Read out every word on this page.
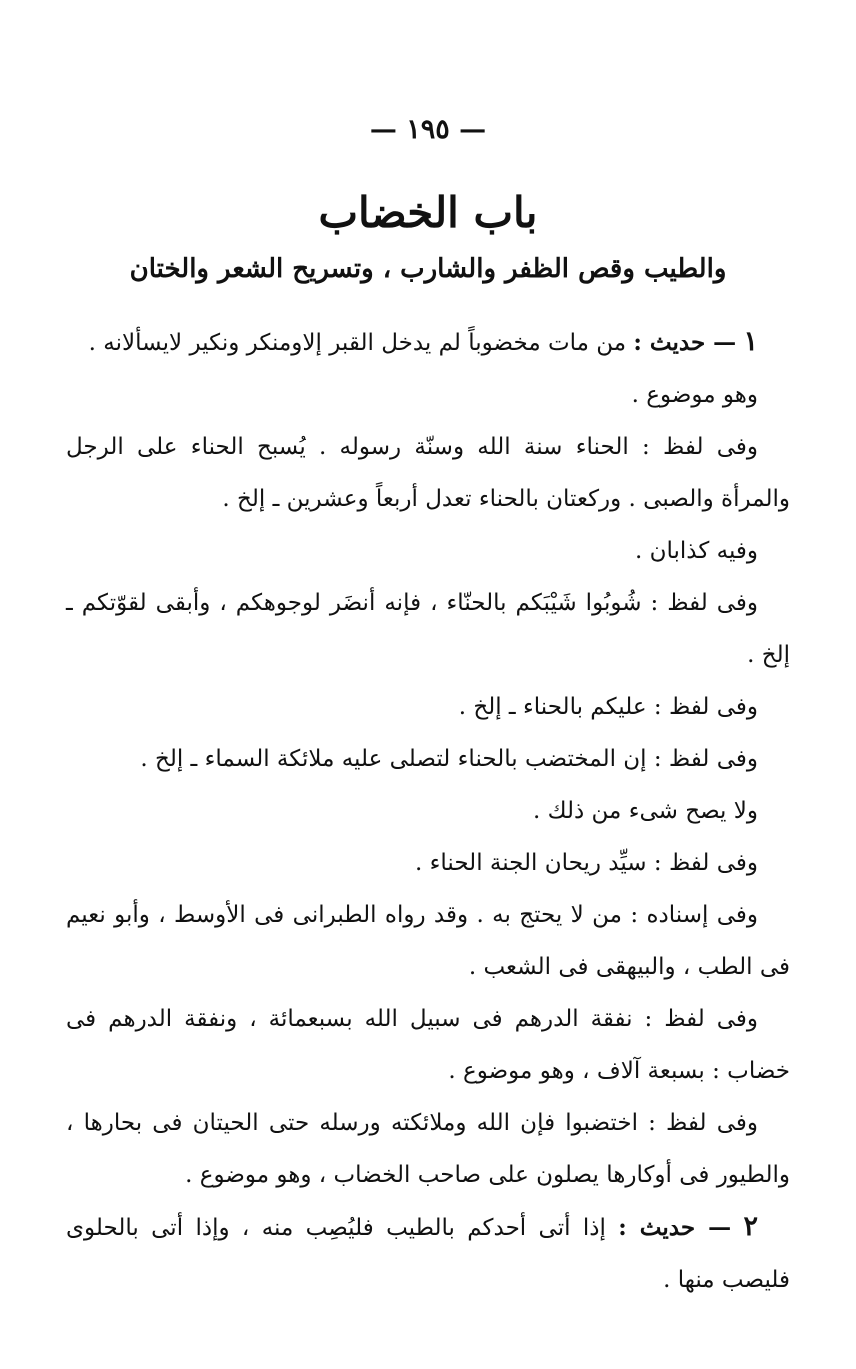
— ١٩٥ —
باب الخضاب
والطيب وقص الظفر والشارب ، وتسريح الشعر والختان

١ — حديث : من مات مخضوباً لم يدخل القبر إلاومنكر ونكير لايسألانه .

وهو موضوع .

وفى لفظ : الحناء سنة الله وسنّة رسوله . يُسبح الحناء على الرجل والمرأة والصبى . وركعتان بالحناء تعدل أربعاً وعشرين ـ إلخ .

وفيه كذابان .

وفى لفظ : شُوبُوا شَيْبَكم بالحنّاء ، فإنه أنضَر لوجوهكم ، وأبقى لقوّتكم ـ إلخ .

وفى لفظ : عليكم بالحناء ـ إلخ .

وفى لفظ : إن المختضب بالحناء لتصلى عليه ملائكة السماء ـ إلخ .

ولا يصح شىء من ذلك .

وفى لفظ : سيِّد ريحان الجنة الحناء .

وفى إسناده : من لا يحتج به . وقد رواه الطبرانى فى الأوسط ، وأبو نعيم فى الطب ، والبيهقى فى الشعب .

وفى لفظ : نفقة الدرهم فى سبيل الله بسبعمائة ، ونفقة الدرهم فى خضاب : بسبعة آلاف ، وهو موضوع .

وفى لفظ : اختضبوا فإن الله وملائكته ورسله حتى الحيتان فى بحارها ، والطيور فى أوكارها يصلون على صاحب الخضاب ، وهو موضوع .

٢ — حديث : إذا أتى أحدكم بالطيب فليُصِب منه ، وإذا أتى بالحلوى فليصب منها .
